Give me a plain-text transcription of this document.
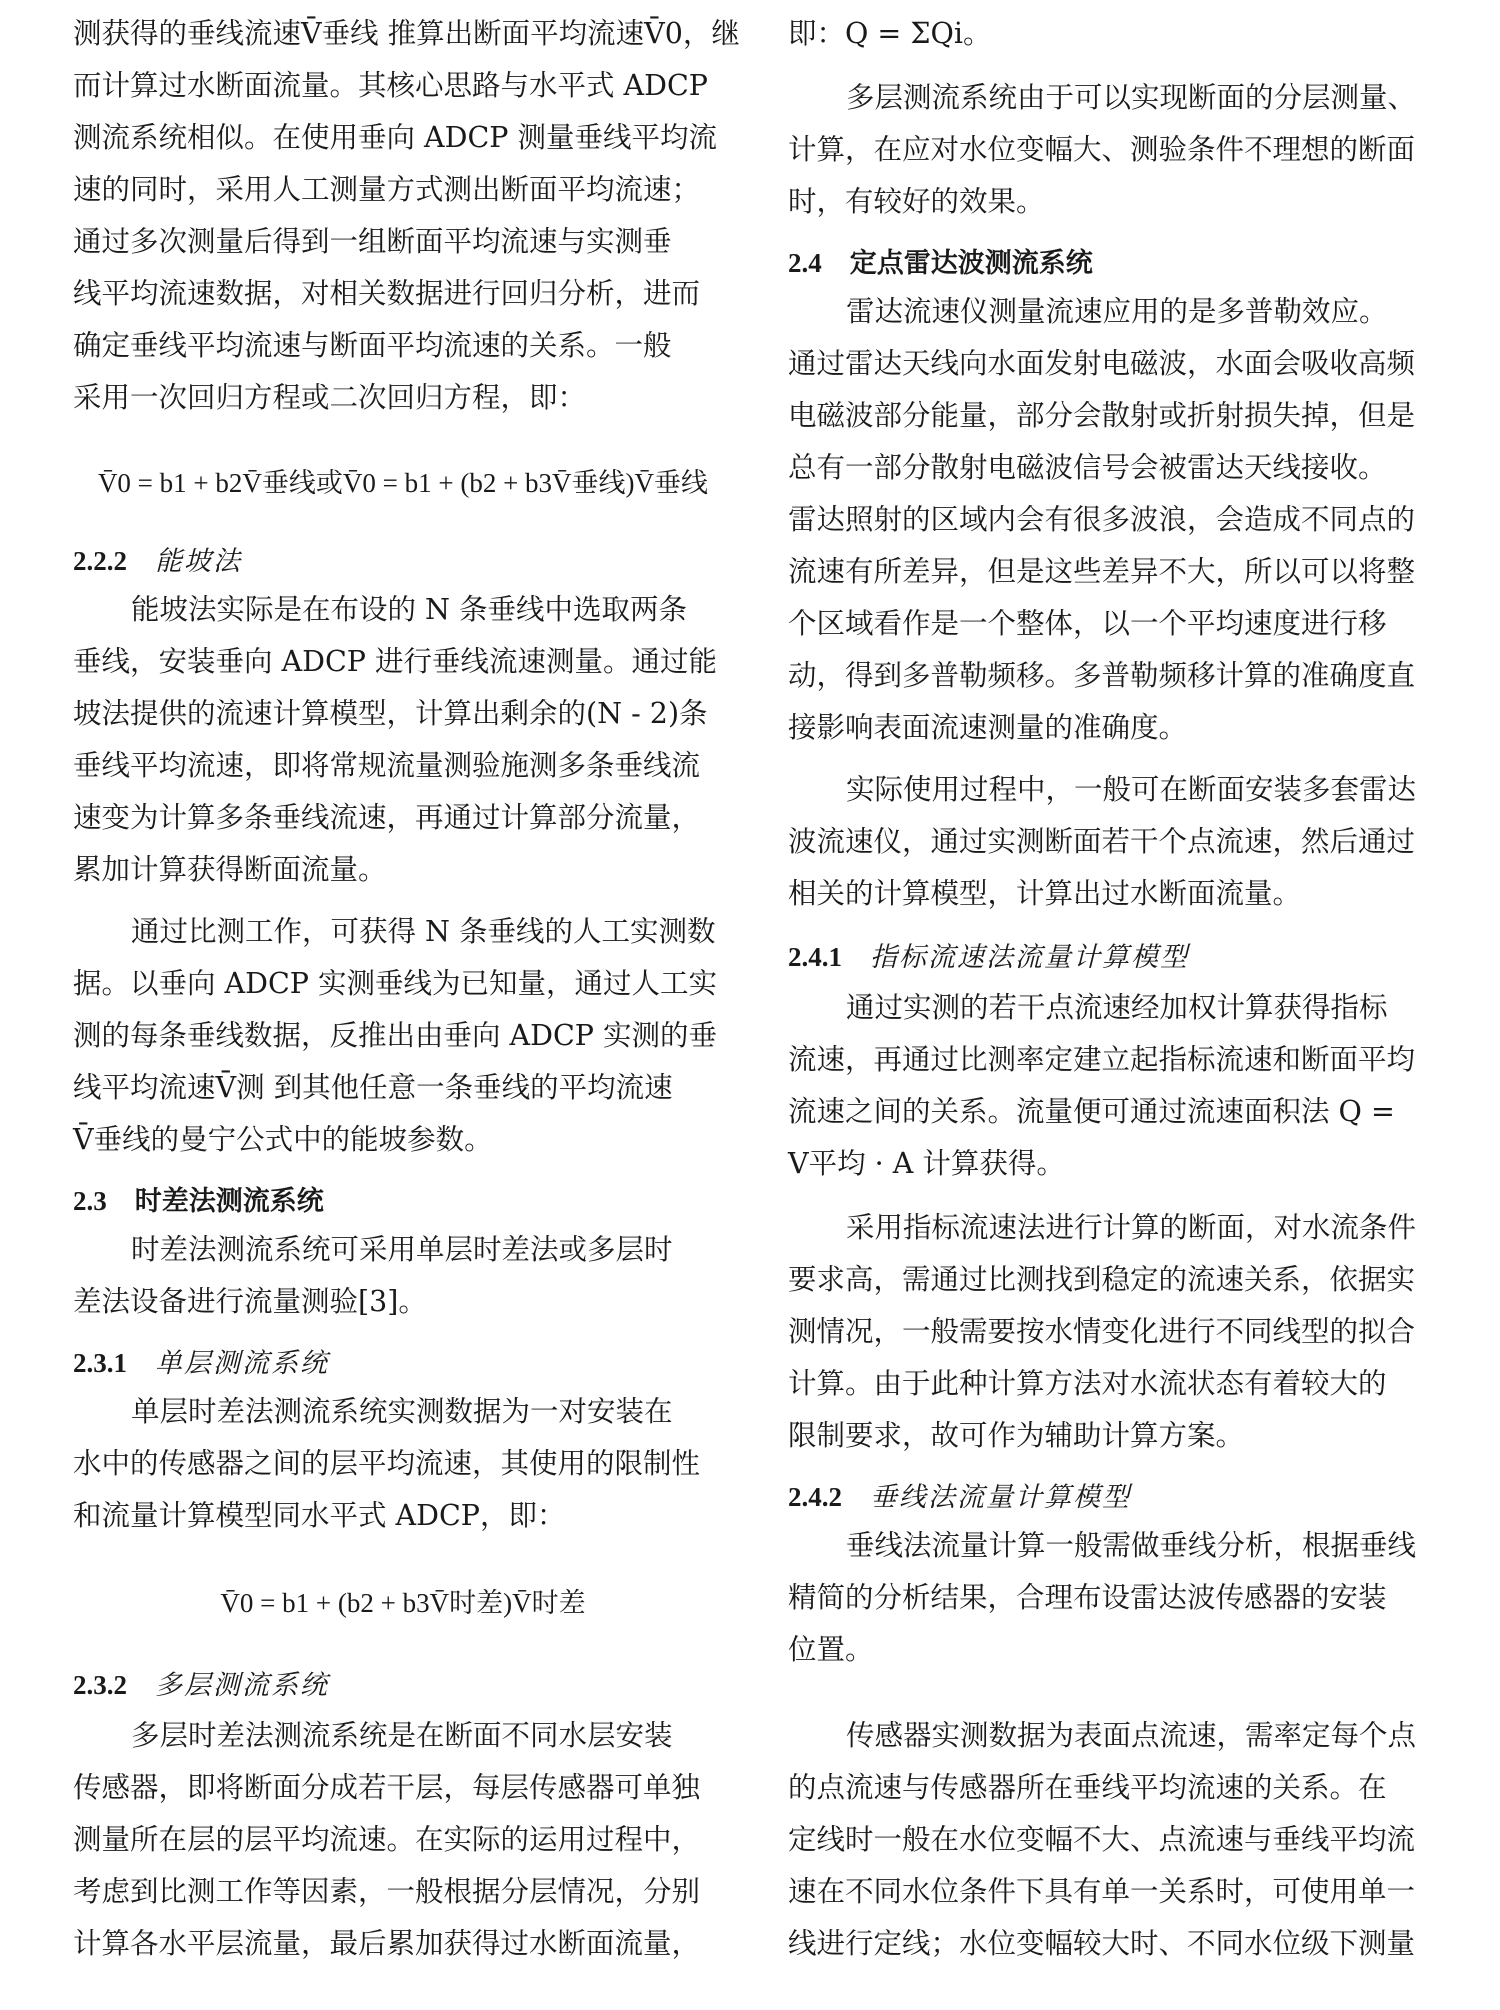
测获得的垂线流速V̄垂线 推算出断面平均流速V̄0，继
而计算过水断面流量。其核心思路与水平式 ADCP
测流系统相似。在使用垂向 ADCP 测量垂线平均流
速的同时，采用人工测量方式测出断面平均流速；
通过多次测量后得到一组断面平均流速与实测垂
线平均流速数据，对相关数据进行回归分析，进而
确定垂线平均流速与断面平均流速的关系。一般
采用一次回归方程或二次回归方程，即：
V̄0 = b1 + b2V̄垂线或V̄0 = b1 + (b2 + b3V̄垂线)V̄垂线
2.2.2 能坡法
能坡法实际是在布设的 N 条垂线中选取两条
垂线，安装垂向 ADCP 进行垂线流速测量。通过能
坡法提供的流速计算模型，计算出剩余的(N - 2)条
垂线平均流速，即将常规流量测验施测多条垂线流
速变为计算多条垂线流速，再通过计算部分流量，
累加计算获得断面流量。
通过比测工作，可获得 N 条垂线的人工实测数
据。以垂向 ADCP 实测垂线为已知量，通过人工实
测的每条垂线数据，反推出由垂向 ADCP 实测的垂
线平均流速V̄测 到其他任意一条垂线的平均流速
V̄垂线的曼宁公式中的能坡参数。
2.3 时差法测流系统
时差法测流系统可采用单层时差法或多层时
差法设备进行流量测验[3]。
2.3.1 单层测流系统
单层时差法测流系统实测数据为一对安装在
水中的传感器之间的层平均流速，其使用的限制性
和流量计算模型同水平式 ADCP，即：
V̄0 = b1 + (b2 + b3V̄时差)V̄时差
2.3.2 多层测流系统
多层时差法测流系统是在断面不同水层安装
传感器，即将断面分成若干层，每层传感器可单独
测量所在层的层平均流速。在实际的运用过程中，
考虑到比测工作等因素，一般根据分层情况，分别
计算各水平层流量，最后累加获得过水断面流量，
即：Q = ΣQi。
多层测流系统由于可以实现断面的分层测量、
计算，在应对水位变幅大、测验条件不理想的断面
时，有较好的效果。
2.4 定点雷达波测流系统
雷达流速仪测量流速应用的是多普勒效应。
通过雷达天线向水面发射电磁波，水面会吸收高频
电磁波部分能量，部分会散射或折射损失掉，但是
总有一部分散射电磁波信号会被雷达天线接收。
雷达照射的区域内会有很多波浪，会造成不同点的
流速有所差异，但是这些差异不大，所以可以将整
个区域看作是一个整体，以一个平均速度进行移
动，得到多普勒频移。多普勒频移计算的准确度直
接影响表面流速测量的准确度。
实际使用过程中，一般可在断面安装多套雷达
波流速仪，通过实测断面若干个点流速，然后通过
相关的计算模型，计算出过水断面流量。
2.4.1 指标流速法流量计算模型
通过实测的若干点流速经加权计算获得指标
流速，再通过比测率定建立起指标流速和断面平均
流速之间的关系。流量便可通过流速面积法 Q =
V平均 · A 计算获得。
采用指标流速法进行计算的断面，对水流条件
要求高，需通过比测找到稳定的流速关系，依据实
测情况，一般需要按水情变化进行不同线型的拟合
计算。由于此种计算方法对水流状态有着较大的
限制要求，故可作为辅助计算方案。
2.4.2 垂线法流量计算模型
垂线法流量计算一般需做垂线分析，根据垂线
精简的分析结果，合理布设雷达波传感器的安装
位置。
传感器实测数据为表面点流速，需率定每个点
的点流速与传感器所在垂线平均流速的关系。在
定线时一般在水位变幅不大、点流速与垂线平均流
速在不同水位条件下具有单一关系时，可使用单一
线进行定线；水位变幅较大时、不同水位级下测量
